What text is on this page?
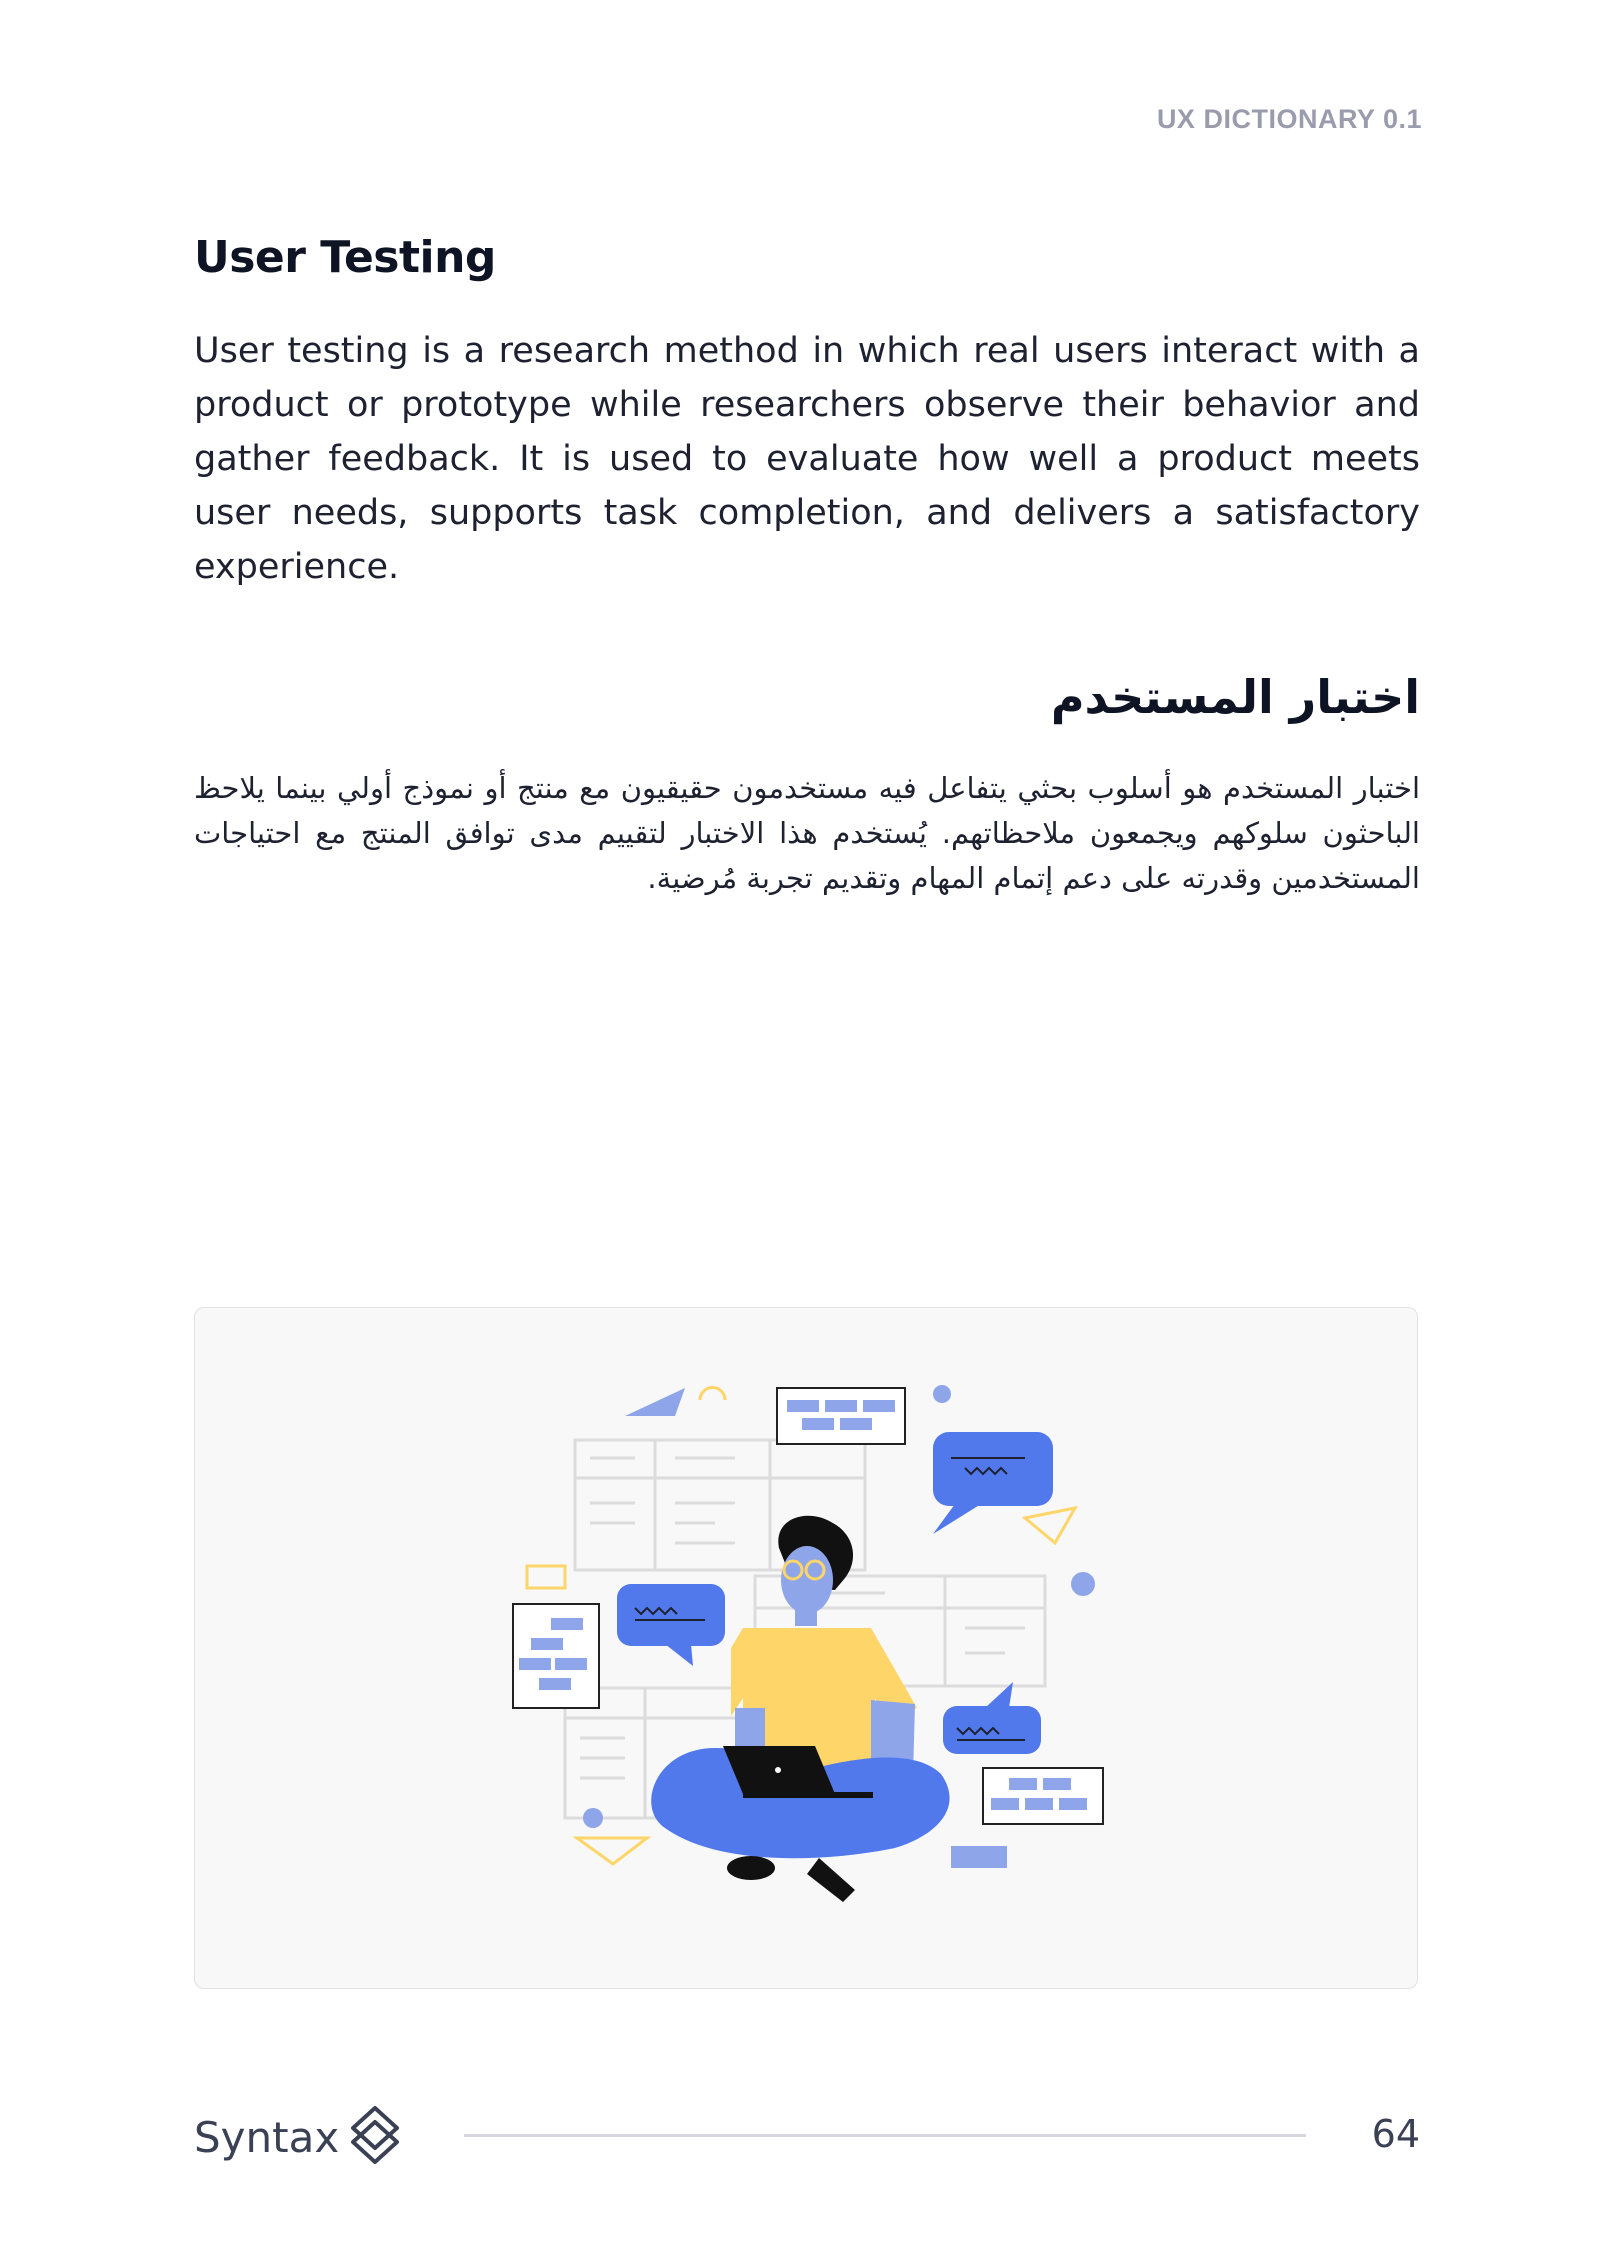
UX DICTIONARY 0.1
User Testing
User testing is a research method in which real users interact with a product or prototype while researchers observe their behavior and gather feedback. It is used to evaluate how well a product meets user needs, supports task completion, and delivers a satisfactory experience.
اختبار المستخدم
اختبار المستخدم هو أسلوب بحثي يتفاعل فيه مستخدمون حقيقيون مع منتج أو نموذج أولي بينما يلاحظ الباحثون سلوكهم ويجمعون ملاحظاتهم. يُستخدم هذا الاختبار لتقييم مدى توافق المنتج مع احتياجات المستخدمين وقدرته على دعم إتمام المهام وتقديم تجربة مُرضية.
Syntax	64
